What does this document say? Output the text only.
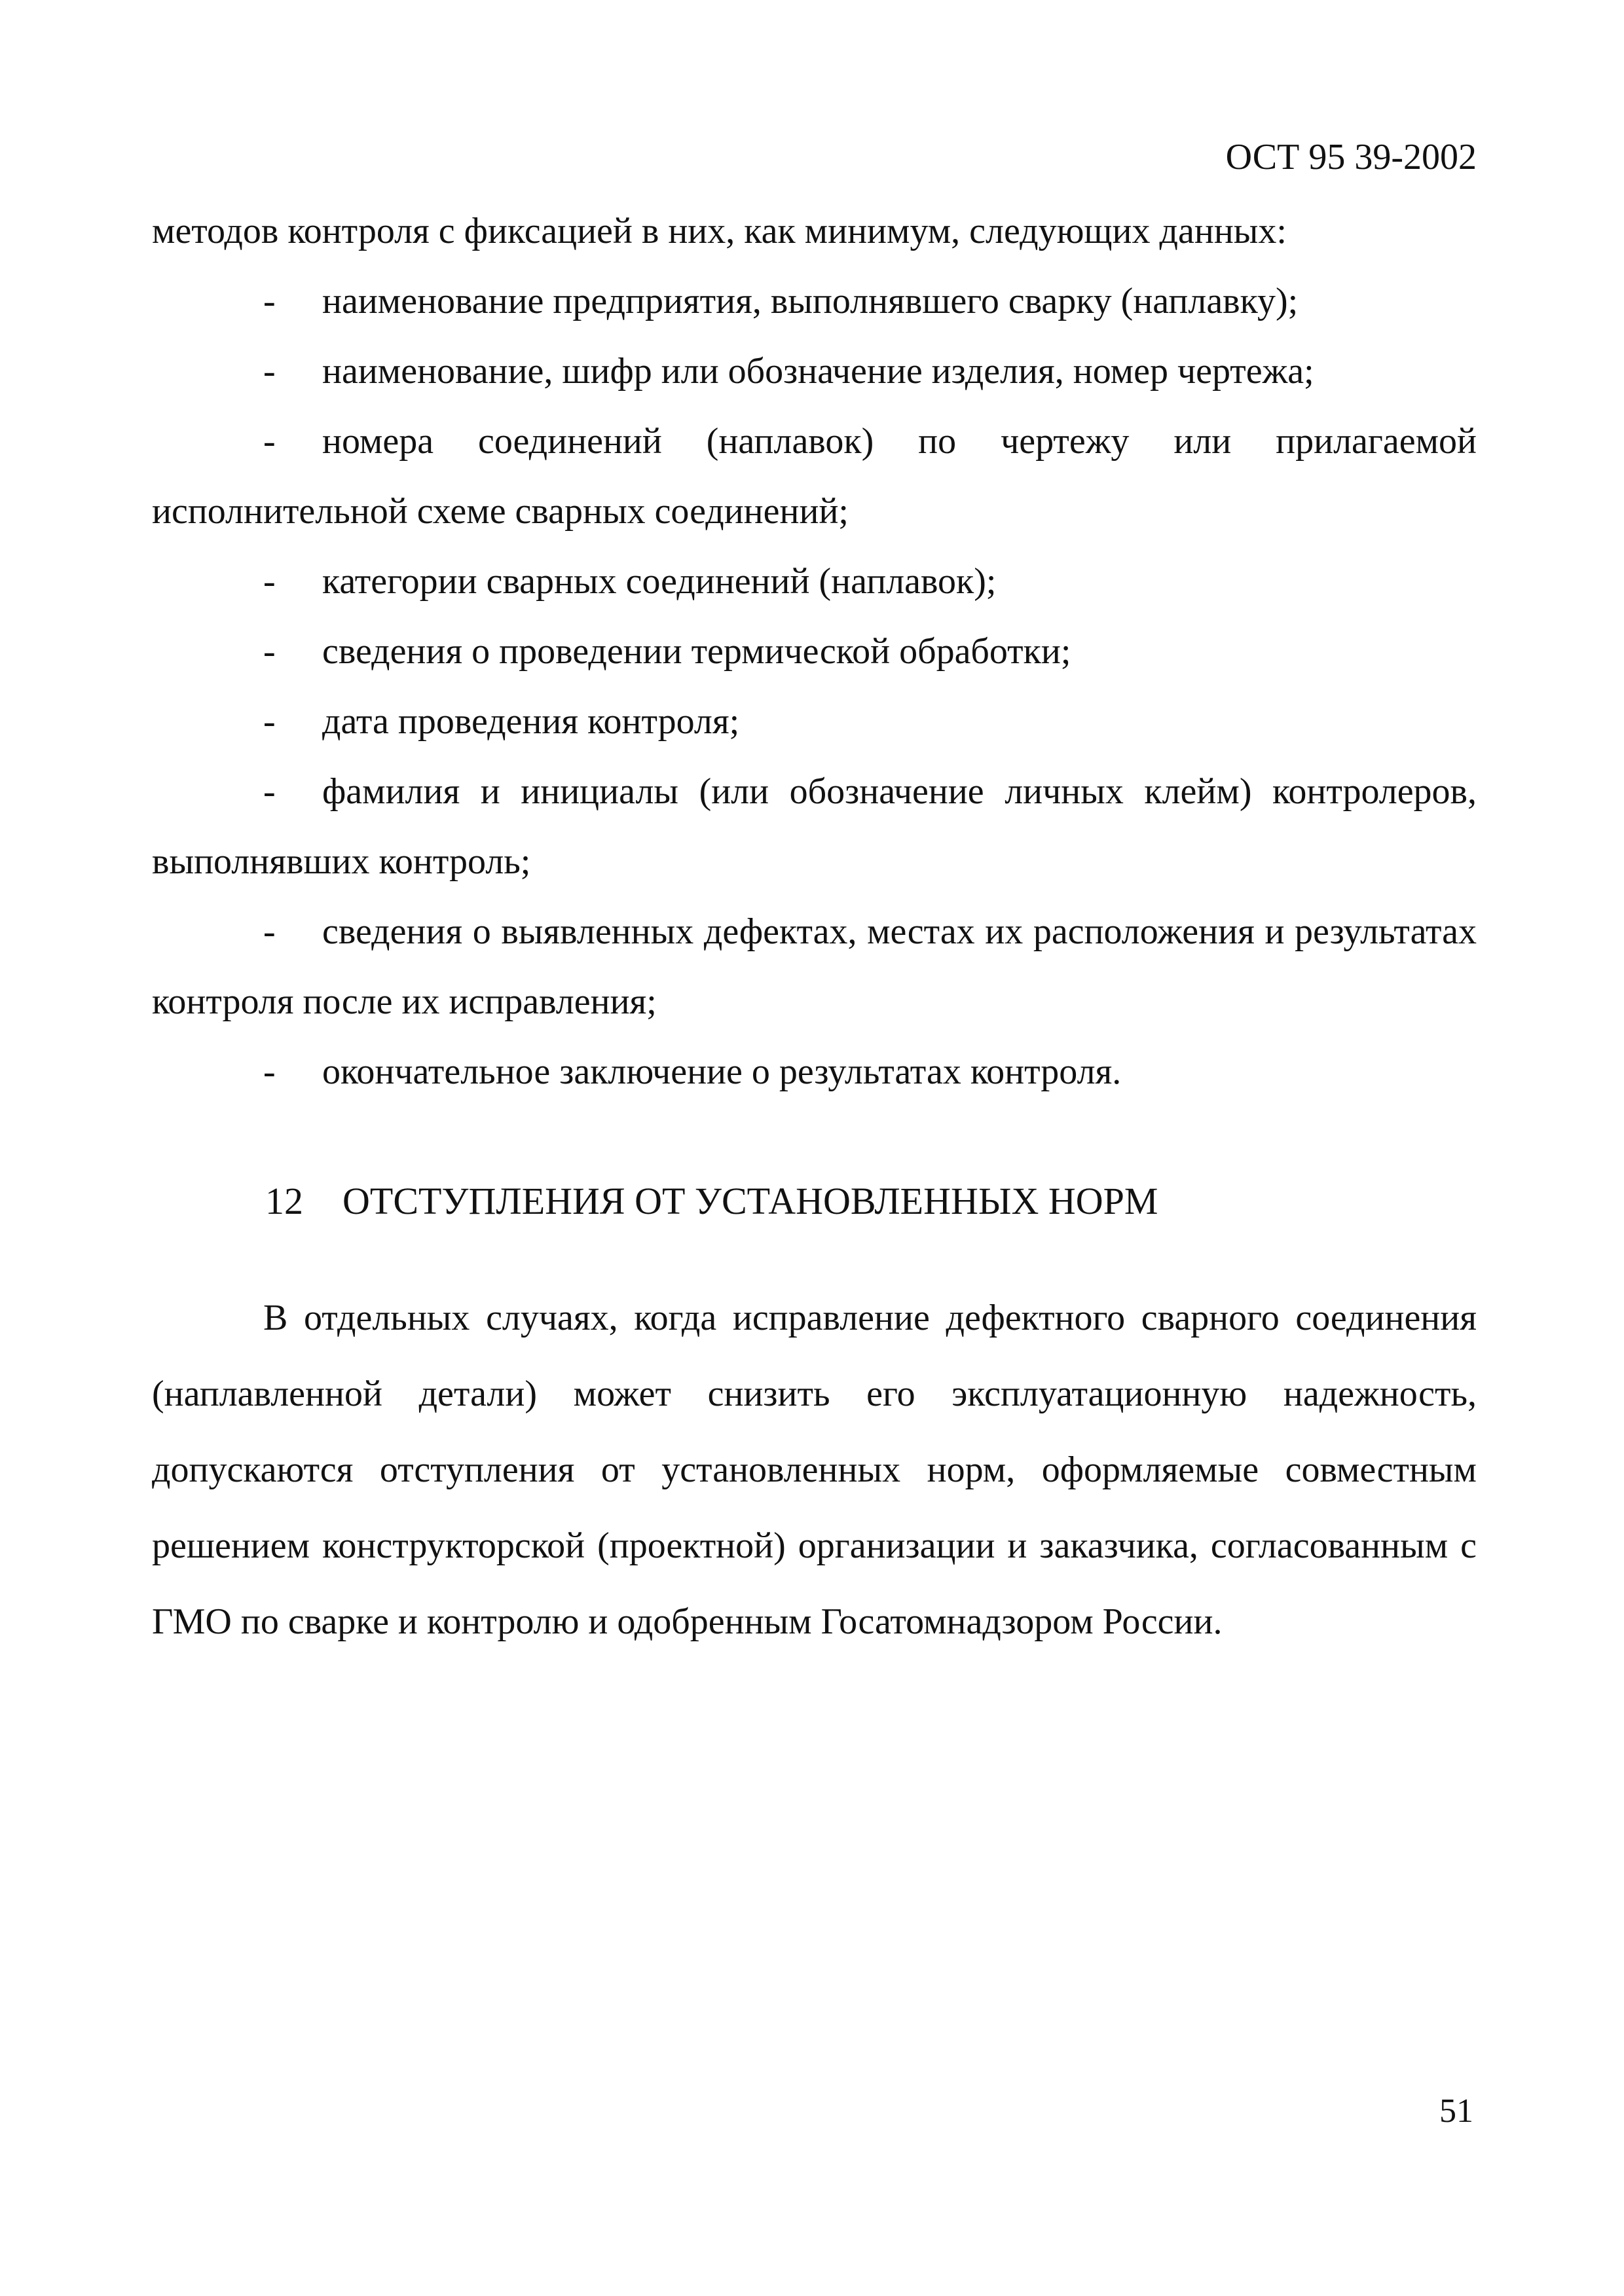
ОСТ 95 39-2002
методов контроля с фиксацией в них, как минимум, следующих данных:
- наименование предприятия, выполнявшего сварку (наплавку);
- наименование, шифр или обозначение изделия, номер чертежа;
- номера соединений (наплавок) по чертежу или прилагаемой исполнительной схеме сварных соединений;
- категории сварных соединений (наплавок);
- сведения о проведении термической обработки;
- дата проведения контроля;
- фамилия и инициалы (или обозначение личных клейм) контролеров, выполнявших контроль;
- сведения о выявленных дефектах, местах их расположения и результатах контроля после их исправления;
- окончательное заключение о результатах контроля.
12 ОТСТУПЛЕНИЯ ОТ УСТАНОВЛЕННЫХ НОРМ
В отдельных случаях, когда исправление дефектного сварного соединения (наплавленной детали) может снизить его эксплуатационную надежность, допускаются отступления от установленных норм, оформляемые совместным решением конструкторской (проектной) организации и заказчика, согласованным с ГМО по сварке и контролю и одобренным Госатомнадзором России.
51
